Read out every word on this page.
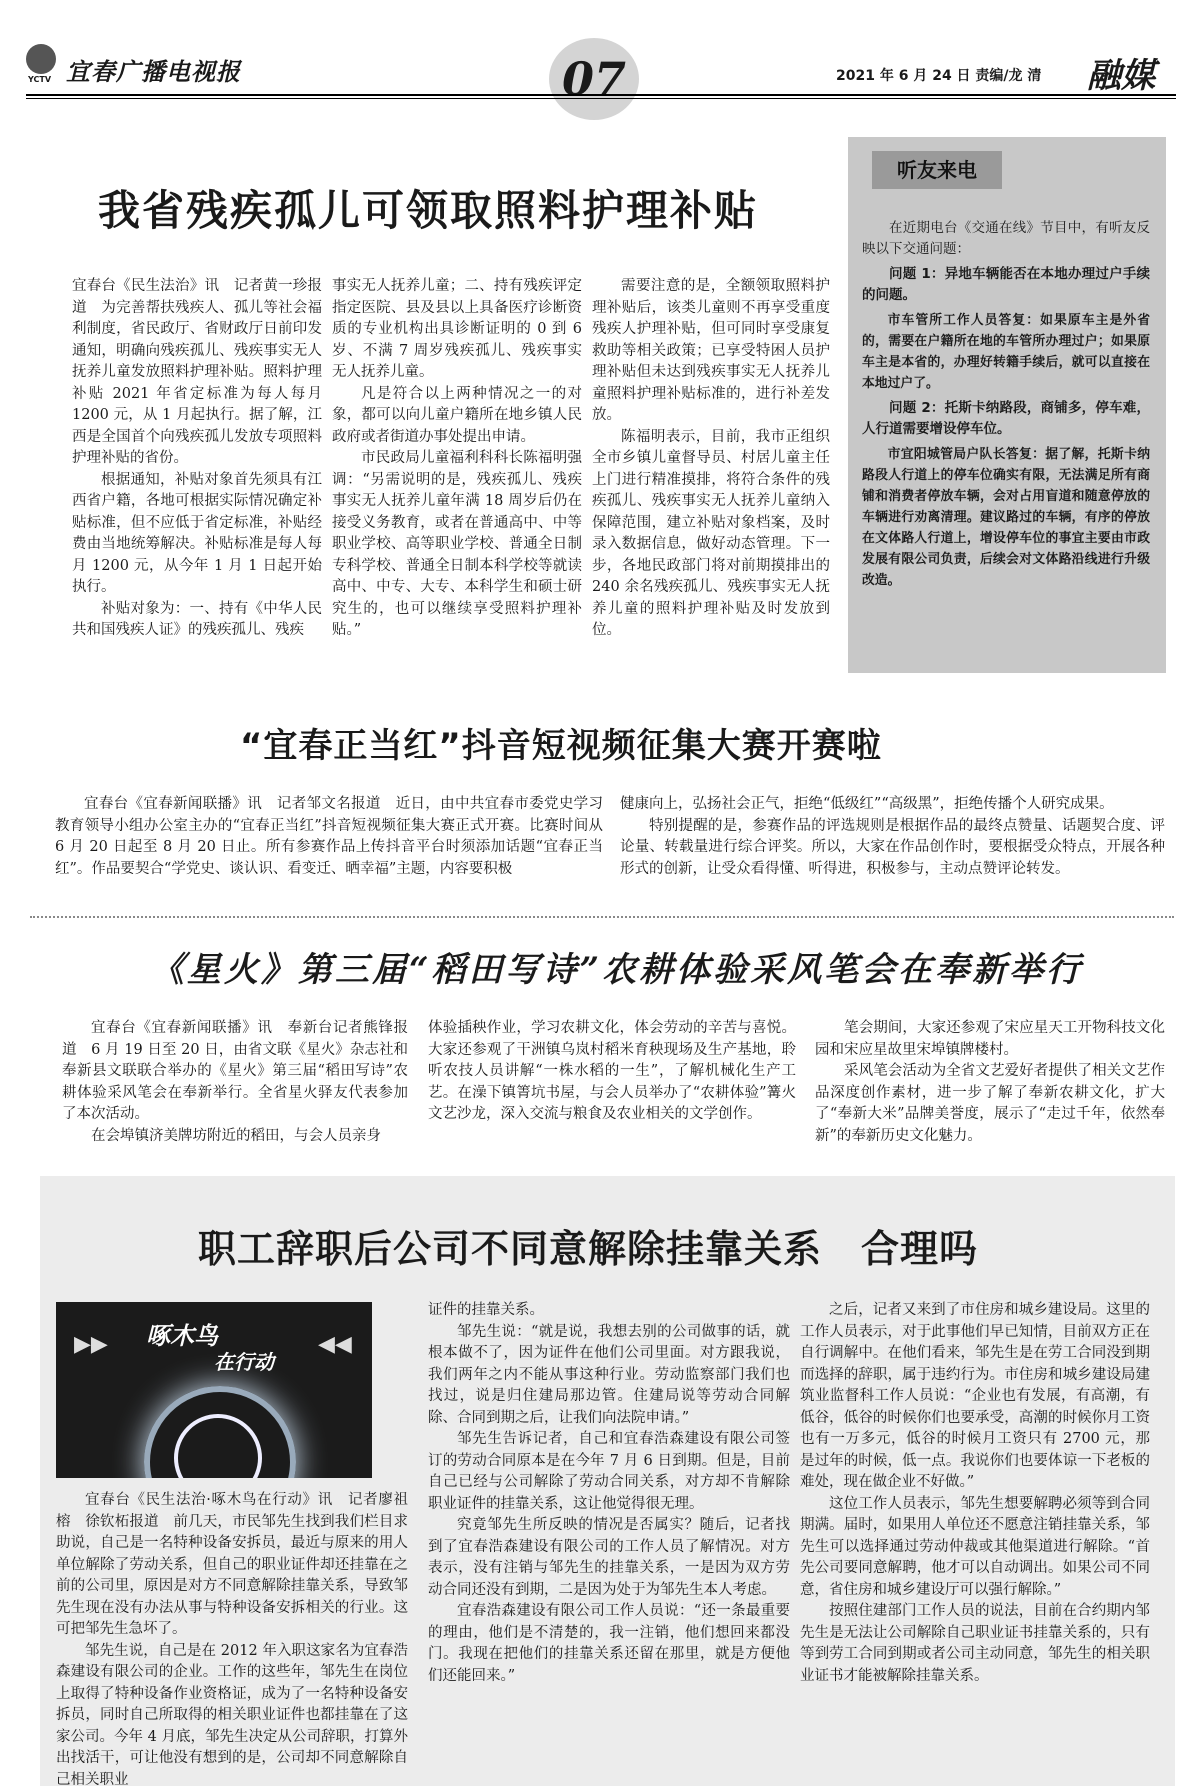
YCTV 宜春广播电视报	07	2021 年 6 月 24 日 责编/龙 清 融媒
我省残疾孤儿可领取照料护理补贴

宜春台《民生法治》讯　记者黄一珍报道　为完善帮扶残疾人、孤儿等社会福利制度，省民政厅、省财政厅日前印发通知，明确向残疾孤儿、残疾事实无人抚养儿童发放照料护理补贴。照料护理补贴 2021 年省定标准为每人每月 1200 元，从 1 月起执行。据了解，江西是全国首个向残疾孤儿发放专项照料护理补贴的省份。

根据通知，补贴对象首先须具有江西省户籍，各地可根据实际情况确定补贴标准，但不应低于省定标准，补贴经费由当地统筹解决。补贴标准是每人每月 1200 元，从今年 1 月 1 日起开始执行。

补贴对象为：一、持有《中华人民共和国残疾人证》的残疾孤儿、残疾

事实无人抚养儿童；二、持有残疾评定指定医院、县及县以上具备医疗诊断资质的专业机构出具诊断证明的 0 到 6 岁、不满 7 周岁残疾孤儿、残疾事实无人抚养儿童。

凡是符合以上两种情况之一的对象，都可以向儿童户籍所在地乡镇人民政府或者街道办事处提出申请。

市民政局儿童福利科科长陈福明强调：“另需说明的是，残疾孤儿、残疾事实无人抚养儿童年满 18 周岁后仍在接受义务教育，或者在普通高中、中等职业学校、高等职业学校、普通全日制专科学校、普通全日制本科学校等就读高中、中专、大专、本科学生和硕士研究生的，也可以继续享受照料护理补贴。”

需要注意的是，全额领取照料护理补贴后，该类儿童则不再享受重度残疾人护理补贴，但可同时享受康复救助等相关政策；已享受特困人员护理补贴但未达到残疾事实无人抚养儿童照料护理补贴标准的，进行补差发放。

陈福明表示，目前，我市正组织全市乡镇儿童督导员、村居儿童主任上门进行精准摸排，将符合条件的残疾孤儿、残疾事实无人抚养儿童纳入保障范围，建立补贴对象档案，及时录入数据信息，做好动态管理。下一步，各地民政部门将对前期摸排出的 240 余名残疾孤儿、残疾事实无人抚养儿童的照料护理补贴及时发放到位。

听友来电

在近期电台《交通在线》节目中，有听友反映以下交通问题：

问题 1：异地车辆能否在本地办理过户手续的问题。

市车管所工作人员答复：如果原车主是外省的，需要在户籍所在地的车管所办理过户；如果原车主是本省的，办理好转籍手续后，就可以直接在本地过户了。

问题 2：托斯卡纳路段，商铺多，停车难，人行道需要增设停车位。

市宜阳城管局户队长答复：据了解，托斯卡纳路段人行道上的停车位确实有限，无法满足所有商铺和消费者停放车辆，会对占用盲道和随意停放的车辆进行劝离清理。建议路过的车辆，有序的停放在文体路人行道上，增设停车位的事宜主要由市政发展有限公司负责，后续会对文体路沿线进行升级改造。

“宜春正当红”抖音短视频征集大赛开赛啦

宜春台《宜春新闻联播》讯　记者邹文名报道　近日，由中共宜春市委党史学习教育领导小组办公室主办的“宜春正当红”抖音短视频征集大赛正式开赛。比赛时间从 6 月 20 日起至 8 月 20 日止。所有参赛作品上传抖音平台时须添加话题“宜春正当红”。作品要契合“学党史、谈认识、看变迁、晒幸福”主题，内容要积极

健康向上，弘扬社会正气，拒绝“低级红”“高级黑”，拒绝传播个人研究成果。

特别提醒的是，参赛作品的评选规则是根据作品的最终点赞量、话题契合度、评论量、转载量进行综合评奖。所以，大家在作品创作时，要根据受众特点，开展各种形式的创新，让受众看得懂、听得进，积极参与，主动点赞评论转发。

《星火》第三届“稻田写诗”农耕体验采风笔会在奉新举行

宜春台《宜春新闻联播》讯　奉新台记者熊锋报道　6 月 19 日至 20 日，由省文联《星火》杂志社和奉新县文联联合举办的《星火》第三届“稻田写诗”农耕体验采风笔会在奉新举行。全省星火驿友代表参加了本次活动。

在会埠镇济美牌坊附近的稻田，与会人员亲身

体验插秧作业，学习农耕文化，体会劳动的辛苦与喜悦。大家还参观了干洲镇乌岚村稻米育秧现场及生产基地，聆听农技人员讲解“一株水稻的一生”，了解机械化生产工艺。在澡下镇箐坑书屋，与会人员举办了“农耕体验”篝火文艺沙龙，深入交流与粮食及农业相关的文学创作。

笔会期间，大家还参观了宋应星天工开物科技文化园和宋应星故里宋埠镇牌楼村。

采风笔会活动为全省文艺爱好者提供了相关文艺作品深度创作素材，进一步了解了奉新农耕文化，扩大了“奉新大米”品牌美誉度，展示了“走过千年，依然奉新”的奉新历史文化魅力。

职工辞职后公司不同意解除挂靠关系　合理吗
▶▶	◀◀
啄木鸟
在行动

宜春台《民生法治·啄木鸟在行动》讯　记者廖祖榕　徐钦柘报道　前几天，市民邹先生找到我们栏目求助说，自己是一名特种设备安拆员，最近与原来的用人单位解除了劳动关系，但自己的职业证件却还挂靠在之前的公司里，原因是对方不同意解除挂靠关系，导致邹先生现在没有办法从事与特种设备安拆相关的行业。这可把邹先生急坏了。

邹先生说，自己是在 2012 年入职这家名为宜春浩森建设有限公司的企业。工作的这些年，邹先生在岗位上取得了特种设备作业资格证，成为了一名特种设备安拆员，同时自己所取得的相关职业证件也都挂靠在了这家公司。今年 4 月底，邹先生决定从公司辞职，打算外出找活干，可让他没有想到的是，公司却不同意解除自己相关职业

证件的挂靠关系。

邹先生说：“就是说，我想去别的公司做事的话，就根本做不了，因为证件在他们公司里面。对方跟我说，我们两年之内不能从事这种行业。劳动监察部门我们也找过，说是归住建局那边管。住建局说等劳动合同解除、合同到期之后，让我们向法院申请。”

邹先生告诉记者，自己和宜春浩森建设有限公司签订的劳动合同原本是在今年 7 月 6 日到期。但是，目前自己已经与公司解除了劳动合同关系，对方却不肯解除职业证件的挂靠关系，这让他觉得很无理。

究竟邹先生所反映的情况是否属实？随后，记者找到了宜春浩森建设有限公司的工作人员了解情况。对方表示，没有注销与邹先生的挂靠关系，一是因为双方劳动合同还没有到期，二是因为处于为邹先生本人考虑。

宜春浩森建设有限公司工作人员说：“还一条最重要的理由，他们是不清楚的，我一注销，他们想回来都没门。我现在把他们的挂靠关系还留在那里，就是方便他们还能回来。”

之后，记者又来到了市住房和城乡建设局。这里的工作人员表示，对于此事他们早已知情，目前双方正在自行调解中。在他们看来，邹先生是在劳工合同没到期而选择的辞职，属于违约行为。市住房和城乡建设局建筑业监督科工作人员说：“企业也有发展，有高潮，有低谷，低谷的时候你们也要承受，高潮的时候你月工资也有一万多元，低谷的时候月工资只有 2700 元，那是过年的时候，低一点。我说你们也要体谅一下老板的难处，现在做企业不好做。”

这位工作人员表示，邹先生想要解聘必须等到合同期满。届时，如果用人单位还不愿意注销挂靠关系，邹先生可以选择通过劳动仲裁或其他渠道进行解除。“首先公司要同意解聘，他才可以自动调出。如果公司不同意，省住房和城乡建设厅可以强行解除。”

按照住建部门工作人员的说法，目前在合约期内邹先生是无法让公司解除自己职业证书挂靠关系的，只有等到劳工合同到期或者公司主动同意，邹先生的相关职业证书才能被解除挂靠关系。
